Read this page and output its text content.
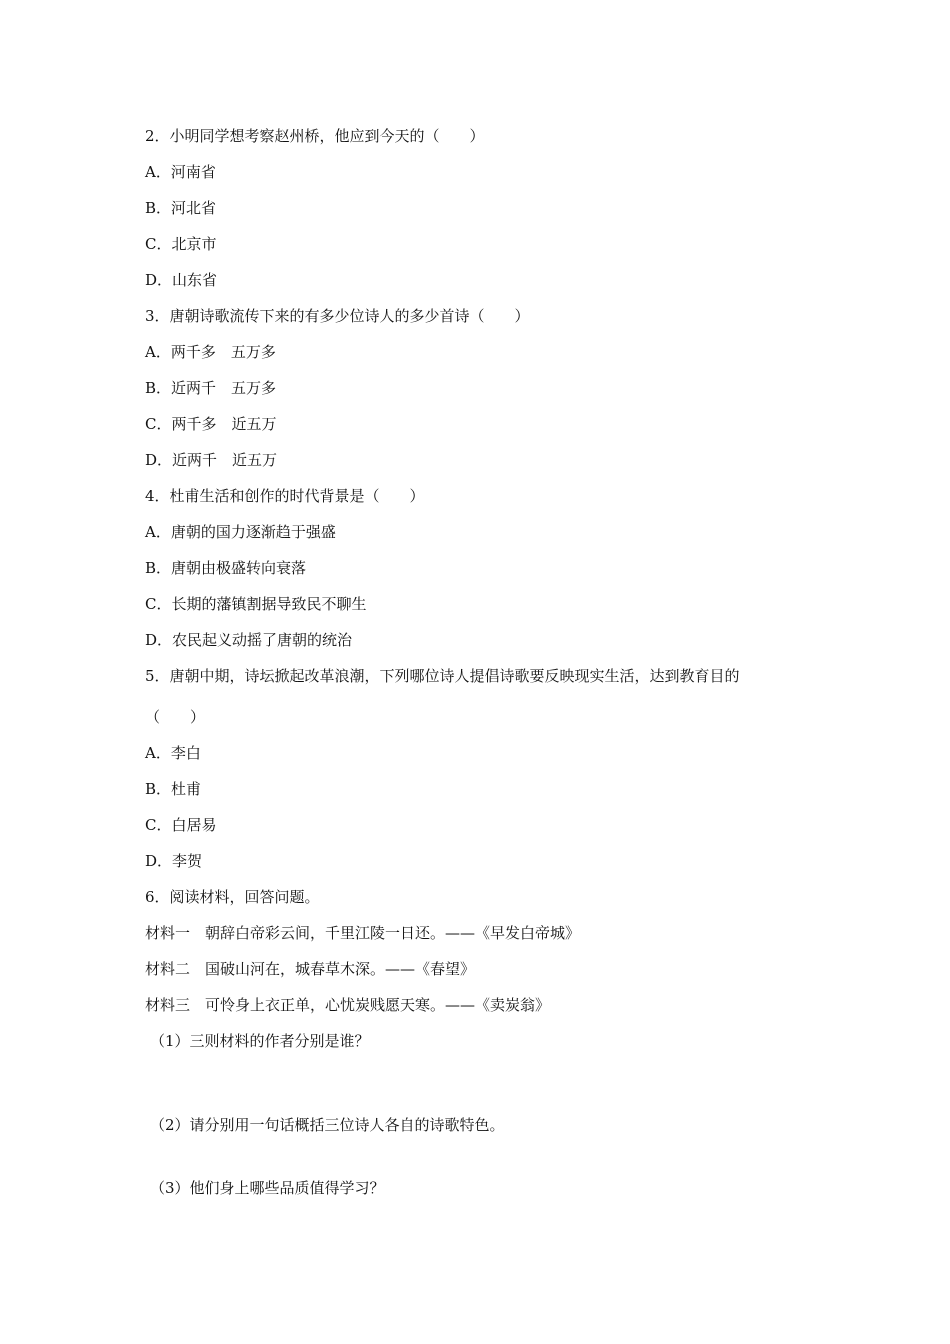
2．小明同学想考察赵州桥，他应到今天的（　　）
A．河南省
B．河北省
C．北京市
D．山东省
3．唐朝诗歌流传下来的有多少位诗人的多少首诗（　　）
A．两千多　五万多
B．近两千　五万多
C．两千多　近五万
D．近两千　近五万
4．杜甫生活和创作的时代背景是（　　）
A．唐朝的国力逐渐趋于强盛
B．唐朝由极盛转向衰落
C．长期的藩镇割据导致民不聊生
D．农民起义动摇了唐朝的统治
5．唐朝中期，诗坛掀起改革浪潮，下列哪位诗人提倡诗歌要反映现实生活，达到教育目的
（　　）
A．李白
B．杜甫
C．白居易
D．李贺
6．阅读材料，回答问题。
材料一　朝辞白帝彩云间，千里江陵一日还。——《早发白帝城》
材料二　国破山河在，城春草木深。——《春望》
材料三　可怜身上衣正单，心忧炭贱愿天寒。——《卖炭翁》
（1）三则材料的作者分别是谁？
（2）请分别用一句话概括三位诗人各自的诗歌特色。
（3）他们身上哪些品质值得学习？
